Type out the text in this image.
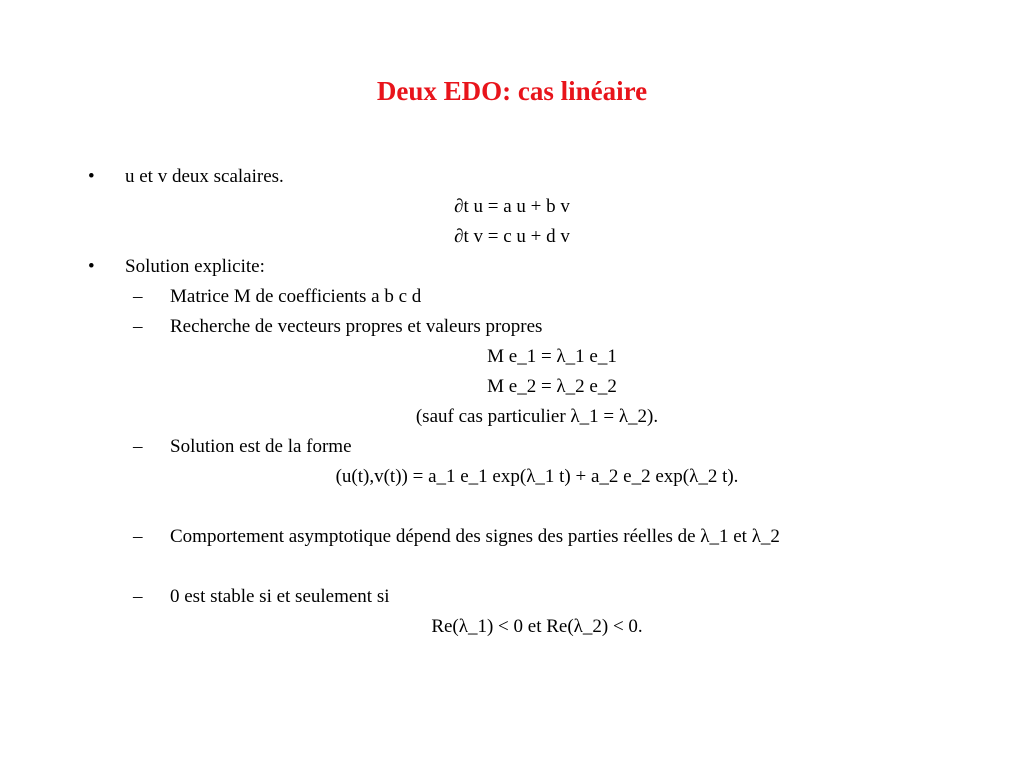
Deux EDO: cas linéaire
• u et v deux scalaires.
∂t u = a u + b v
∂t v = c u + d v
• Solution explicite:
– Matrice M de coefficients a b c d
– Recherche de vecteurs propres et valeurs propres
M e_1 = λ_1 e_1
M e_2 = λ_2 e_2
(sauf cas particulier λ_1 = λ_2).
– Solution est de la forme
(u(t),v(t)) = a_1 e_1 exp(λ_1 t) + a_2 e_2 exp(λ_2 t).
– Comportement asymptotique dépend des signes des parties réelles de λ_1 et λ_2
– 0 est stable si et seulement si
Re(λ_1) < 0 et Re(λ_2) < 0.
